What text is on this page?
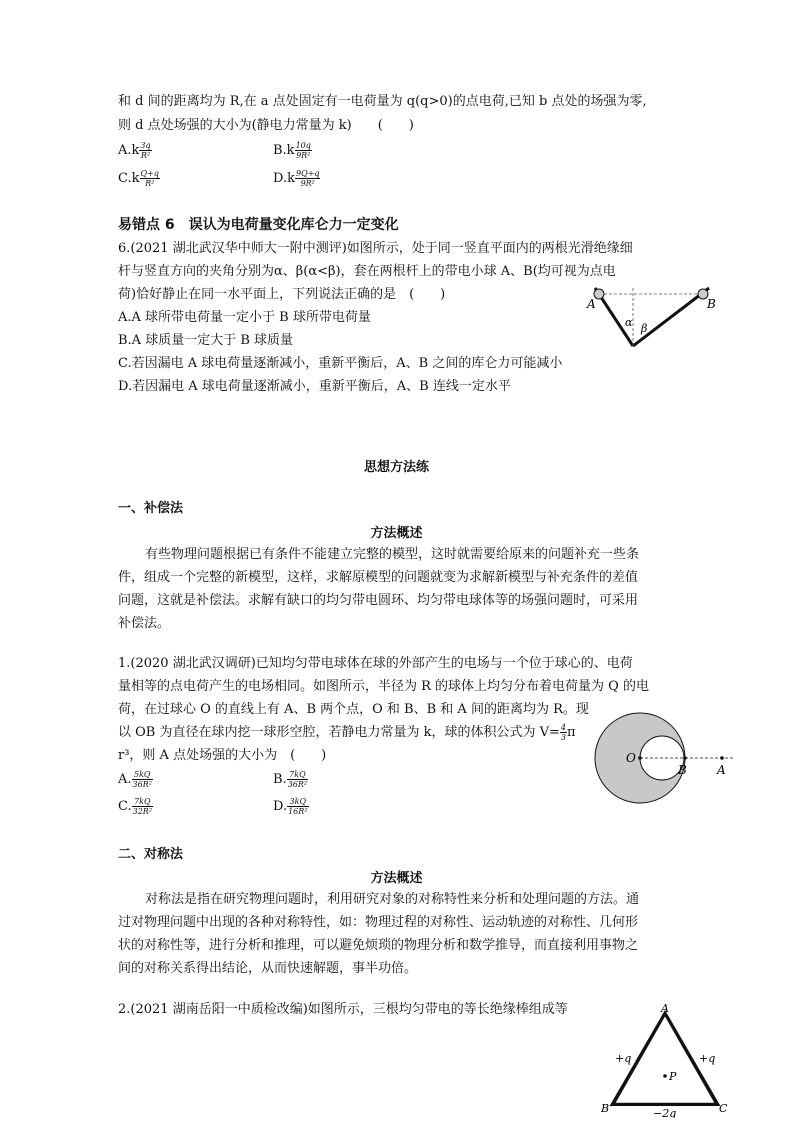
和 d 间的距离均为 R,在 a 点处固定有一电荷量为 q(q>0)的点电荷,已知 b 点处的场强为零,
则 d 点处场强的大小为(静电力常量为 k)　　(　　)
$A.k \frac{3q}{\text{R²}}$	$B.k \frac{10q}{\text{9R²}}$
$C.k \frac{Q+q}{\text{R²}}$	$D.k \frac{9Q+q}{\text{9R²}}$
易错点 6　误认为电荷量变化库仑力一定变化
6.(2021 湖北武汉华中师大一附中测评)如图所示，处于同一竖直平面内的两根光滑绝缘细
杆与竖直方向的夹角分别为α、β(α<β)，套在两根杆上的带电小球 A、B(均可视为点电
荷)恰好静止在同一水平面上，下列说法正确的是　(　　)
A.A 球所带电荷量一定小于 B 球所带电荷量
B.A 球质量一定大于 B 球质量
C.若因漏电 A 球电荷量逐渐减小，重新平衡后，A、B 之间的库仑力可能减小
D.若因漏电 A 球电荷量逐渐减小，重新平衡后，A、B 连线一定水平
A	B
α β
思想方法练
一、补偿法
方法概述
有些物理问题根据已有条件不能建立完整的模型，这时就需要给原来的问题补充一些条
件，组成一个完整的新模型，这样，求解原模型的问题就变为求解新模型与补充条件的差值
问题，这就是补偿法。求解有缺口的均匀带电圆环、均匀带电球体等的场强问题时，可采用
补偿法。
1.(2020 湖北武汉调研)已知均匀带电球体在球的外部产生的电场与一个位于球心的、电荷
量相等的点电荷产生的电场相同。如图所示，半径为 R 的球体上均匀分布着电荷量为 Q 的电
荷，在过球心 O 的直线上有 A、B 两个点，O 和 B、B 和 A 间的距离均为 R。现
以 OB 为直径在球内挖一球形空腔，若静电力常量为 k，球的体积公式为 $V= \frac{4}{3}$ π
r³，则 A 点处场强的大小为　(　　)
A. $\frac{5kQ}{\text{36R²}}$	B. $\frac{7kQ}{\text{36R²}}$
C. $\frac{7kQ}{\text{32R²}}$	D. $\frac{3kQ}{\text{16R²}}$
O
B	A
二、对称法
方法概述
对称法是指在研究物理问题时，利用研究对象的对称特性来分析和处理问题的方法。通
过对物理问题中出现的各种对称特性，如：物理过程的对称性、运动轨迹的对称性、几何形
状的对称性等，进行分析和推理，可以避免烦琐的物理分析和数学推导，而直接利用事物之
间的对称关系得出结论，从而快速解题，事半功倍。
2.(2021 湖南岳阳一中质检改编)如图所示，三根均匀带电的等长绝缘棒组成等	A
B	C
P
+q	+q
−2q
